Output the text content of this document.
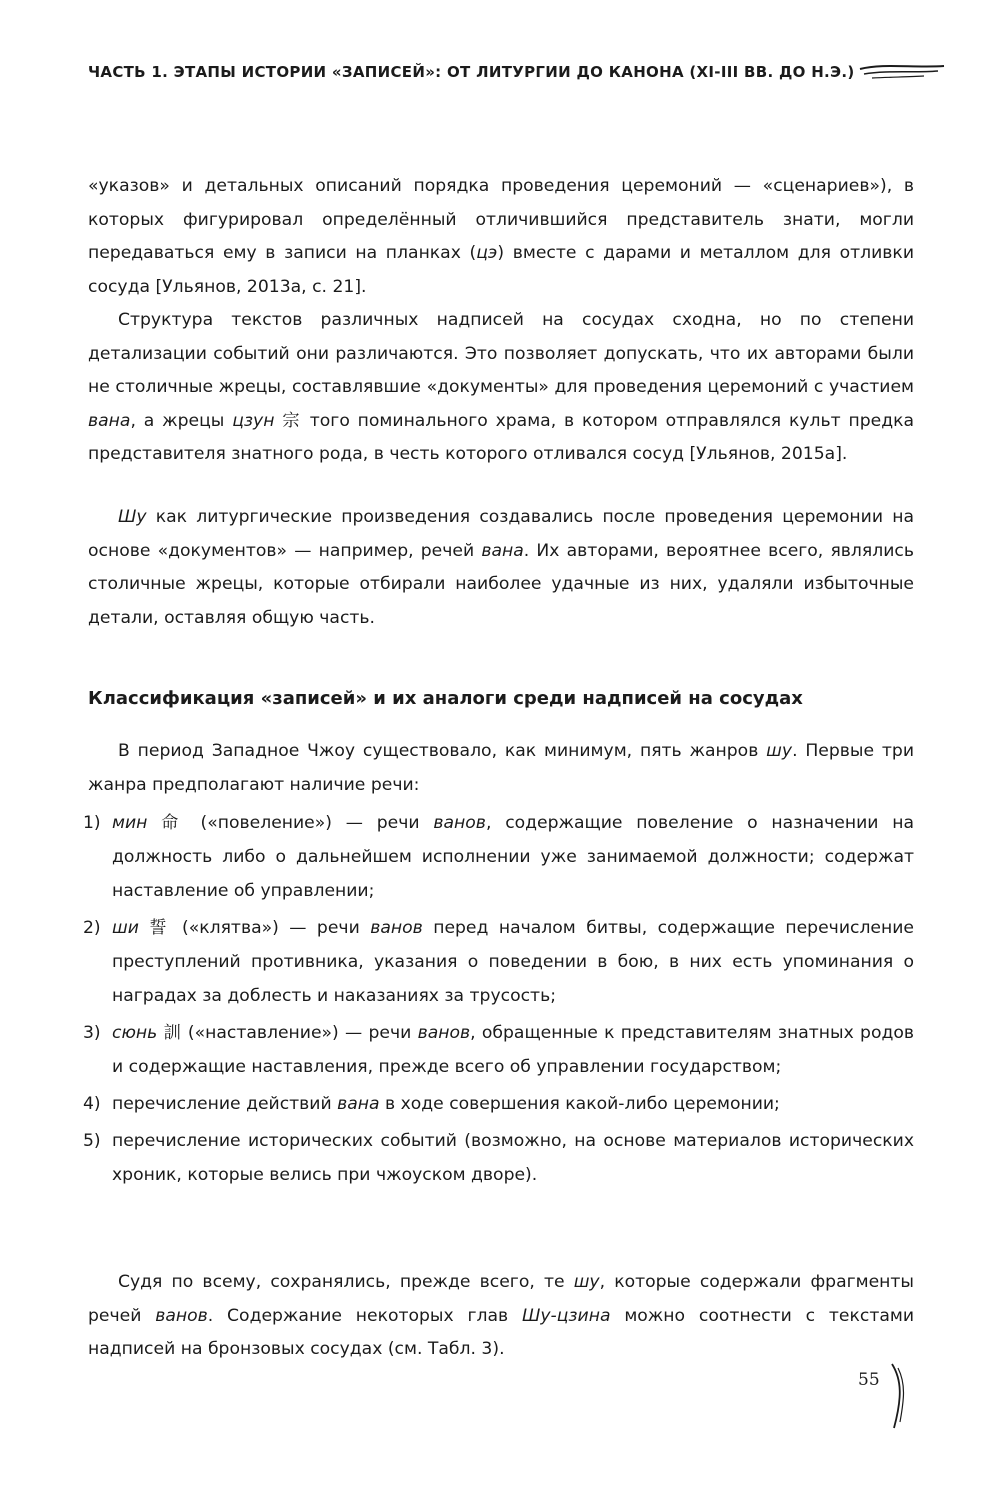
ЧАСТЬ 1. ЭТАПЫ ИСТОРИИ «ЗАПИСЕЙ»: ОТ ЛИТУРГИИ ДО КАНОНА (XI-III ВВ. ДО Н.Э.)

«указов» и детальных описаний порядка проведения церемоний — «сценариев»), в которых фигурировал определённый отличившийся представитель знати, могли передаваться ему в записи на планках (цэ) вместе с дарами и металлом для отливки сосуда [Ульянов, 2013а, с. 21].

Структура текстов различных надписей на сосудах сходна, но по степени детализации событий они различаются. Это позволяет допускать, что их авторами были не столичные жрецы, составлявшие «документы» для проведения церемоний с участием вана, а жрецы цзун 宗 того поминального храма, в котором отправлялся культ предка представителя знатного рода, в честь которого отливался сосуд [Ульянов, 2015а].

Шу как литургические произведения создавались после проведения церемонии на основе «документов» — например, речей вана. Их авторами, вероятнее всего, являлись столичные жрецы, которые отбирали наиболее удачные из них, удаляли избыточные детали, оставляя общую часть.

Классификация «записей» и их аналоги среди надписей на сосудах

В период Западное Чжоу существовало, как минимум, пять жанров шу. Первые три жанра предполагают наличие речи:

1) мин 命 («повеление») — речи ванов, содержащие повеление о назначении на должность либо о дальнейшем исполнении уже занимаемой должности; содержат наставление об управлении;
2) ши 誓 («клятва») — речи ванов перед началом битвы, содержащие перечисление преступлений противника, указания о поведении в бою, в них есть упоминания о наградах за доблесть и наказаниях за трусость;
3) сюнь 訓 («наставление») — речи ванов, обращенные к представителям знатных родов и содержащие наставления, прежде всего об управлении государством;
4) перечисление действий вана в ходе совершения какой-либо церемонии;
5) перечисление исторических событий (возможно, на основе материалов исторических хроник, которые велись при чжоуском дворе).

Судя по всему, сохранялись, прежде всего, те шу, которые содержали фрагменты речей ванов. Содержание некоторых глав Шу-цзина можно соотнести с текстами надписей на бронзовых сосудах (см. Табл. 3).

55
